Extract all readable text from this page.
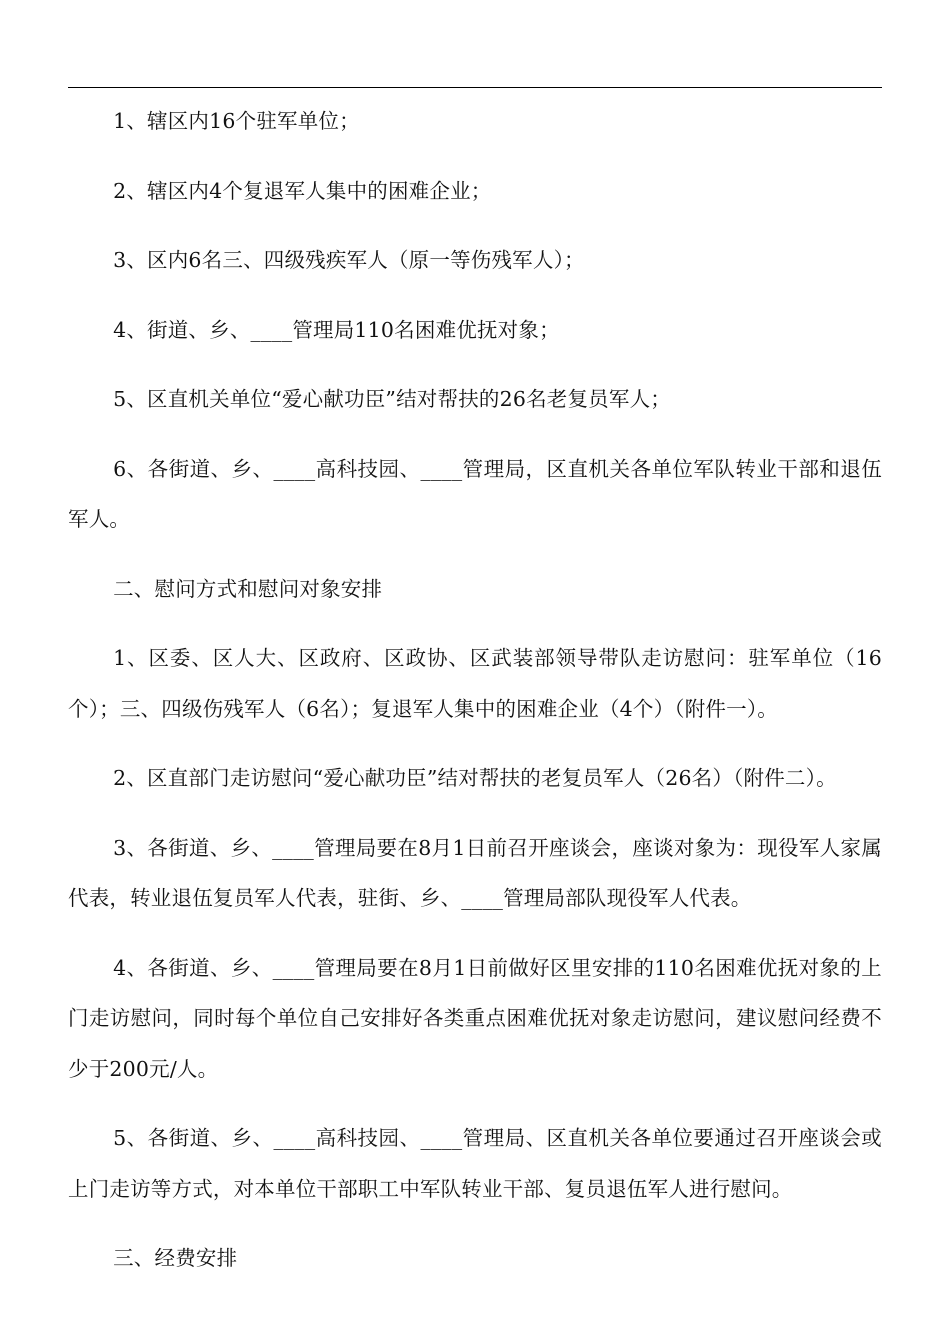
1、辖区内16个驻军单位；

2、辖区内4个复退军人集中的困难企业；

3、区内6名三、四级残疾军人（原一等伤残军人）；

4、街道、乡、____管理局110名困难优抚对象；

5、区直机关单位“爱心献功臣”结对帮扶的26名老复员军人；

6、各街道、乡、____高科技园、____管理局，区直机关各单位军队转业干部和退伍军人。

二、慰问方式和慰问对象安排

1、区委、区人大、区政府、区政协、区武装部领导带队走访慰问：驻军单位（16个）；三、四级伤残军人（6名）；复退军人集中的困难企业（4个）（附件一）。

2、区直部门走访慰问“爱心献功臣”结对帮扶的老复员军人（26名）（附件二）。

3、各街道、乡、____管理局要在8月1日前召开座谈会，座谈对象为：现役军人家属代表，转业退伍复员军人代表，驻街、乡、____管理局部队现役军人代表。

4、各街道、乡、____管理局要在8月1日前做好区里安排的110名困难优抚对象的上门走访慰问，同时每个单位自己安排好各类重点困难优抚对象走访慰问，建议慰问经费不少于200元/人。

5、各街道、乡、____高科技园、____管理局、区直机关各单位要通过召开座谈会或上门走访等方式，对本单位干部职工中军队转业干部、复员退伍军人进行慰问。

三、经费安排
